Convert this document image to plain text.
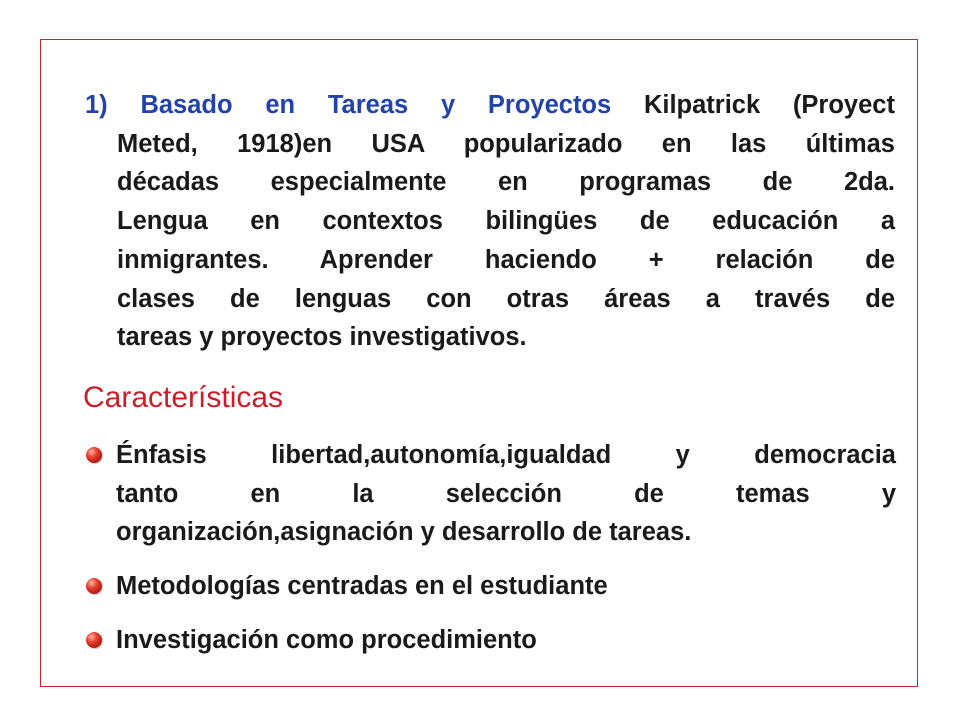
1) Basado en Tareas y Proyectos Kilpatrick (Proyect
Meted, 1918)en USA popularizado en las últimas
décadas especialmente en programas de 2da.
Lengua en contextos bilingües de educación a
inmigrantes. Aprender haciendo + relación de
clases de lenguas con otras áreas a través de
tareas y proyectos investigativos.
Características
Énfasis libertad,autonomía,igualdad y democracia
tanto en la selección de temas y
organización,asignación y desarrollo de tareas.
Metodologías centradas en el estudiante
Investigación como procedimiento
